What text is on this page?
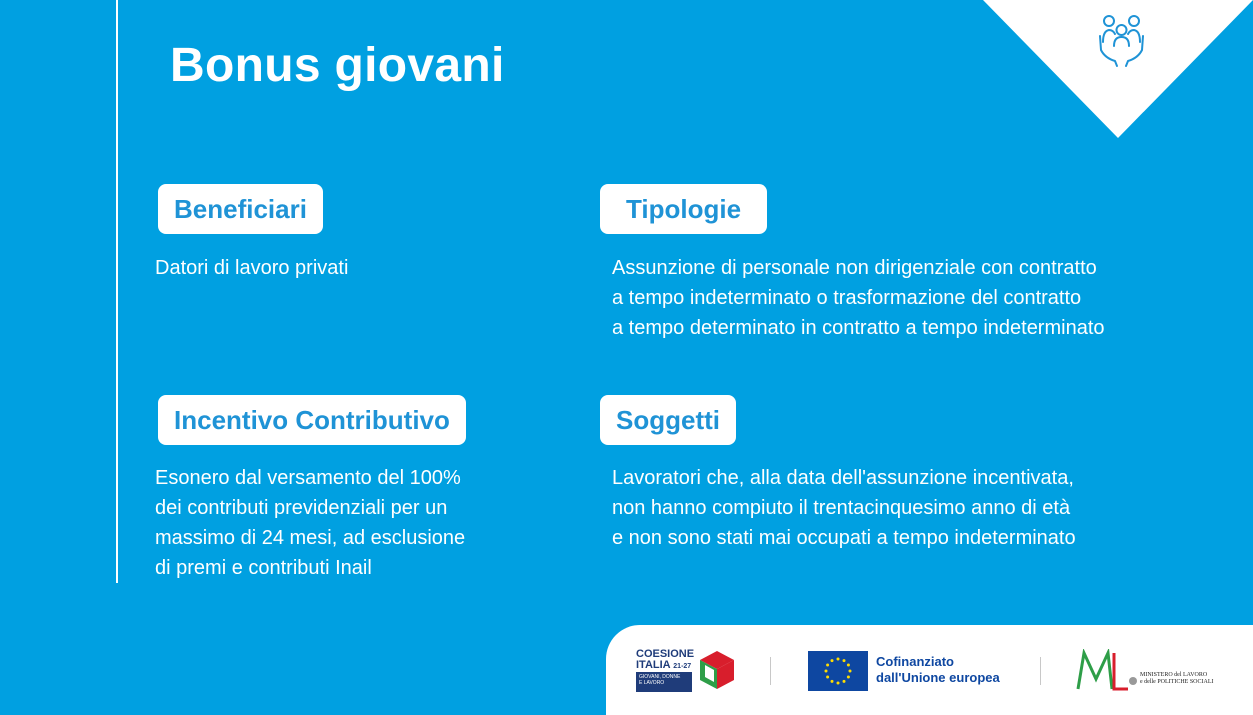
Bonus giovani
Beneficiari
Datori di lavoro privati
Tipologie
Assunzione di personale non dirigenziale con contratto
a tempo indeterminato o trasformazione del contratto
a tempo determinato in contratto a tempo indeterminato
Incentivo Contributivo
Esonero dal versamento del 100%
dei contributi previdenziali per un
massimo di 24 mesi, ad esclusione
di premi e contributi Inail
Soggetti
Lavoratori che, alla data dell'assunzione incentivata,
non hanno compiuto il trentacinquesimo anno di età
e non sono stati mai occupati a tempo indeterminato
COESIONE
ITALIA 21-27
GIOVANI, DONNE
E LAVORO
Cofinanziato
dall'Unione europea	MINISTERO del LAVORO
e delle POLITICHE SOCIALI
